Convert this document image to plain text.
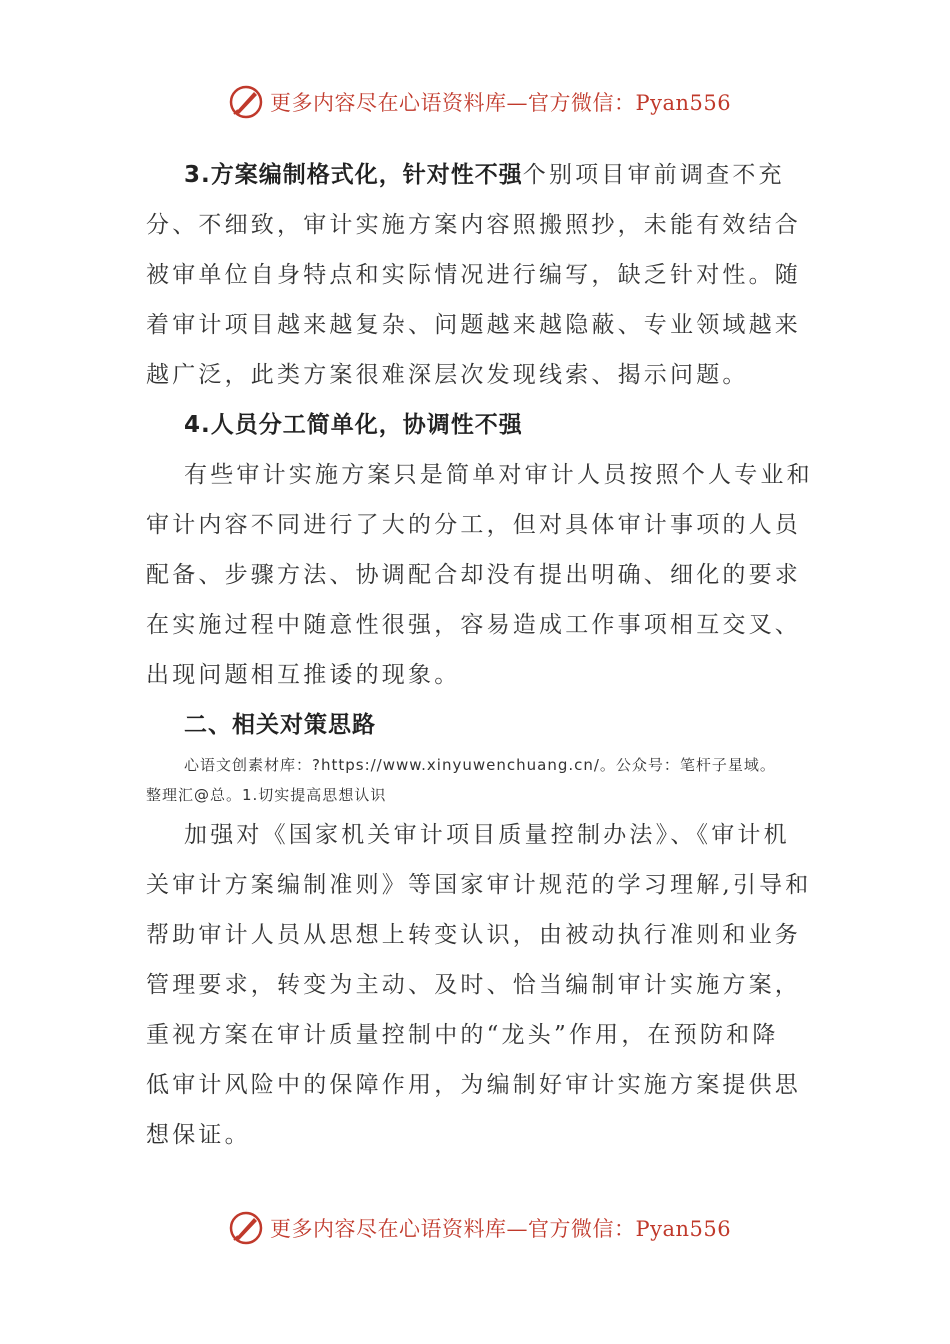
更多内容尽在心语资料库—官方微信：Pyan556
3.方案编制格式化，针对性不强个别项目审前调查不充
分、不细致，审计实施方案内容照搬照抄，未能有效结合
被审单位自身特点和实际情况进行编写，缺乏针对性。随
着审计项目越来越复杂、问题越来越隐蔽、专业领域越来
越广泛，此类方案很难深层次发现线索、揭示问题。
4.人员分工简单化，协调性不强
有些审计实施方案只是简单对审计人员按照个人专业和
审计内容不同进行了大的分工，但对具体审计事项的人员
配备、步骤方法、协调配合却没有提出明确、细化的要求
在实施过程中随意性很强，容易造成工作事项相互交叉、
出现问题相互推诿的现象。
二、相关对策思路
心语文创素材库：?https://www.xinyuwenchuang.cn/。公众号：笔杆子星域。
整理汇@总。1.切实提高思想认识
加强对《国家机关审计项目质量控制办法》、《审计机
关审计方案编制准则》等国家审计规范的学习理解,引导和
帮助审计人员从思想上转变认识，由被动执行准则和业务
管理要求，转变为主动、及时、恰当编制审计实施方案，
重视方案在审计质量控制中的“龙头”作用，在预防和降
低审计风险中的保障作用，为编制好审计实施方案提供思
想保证。
更多内容尽在心语资料库—官方微信：Pyan556
